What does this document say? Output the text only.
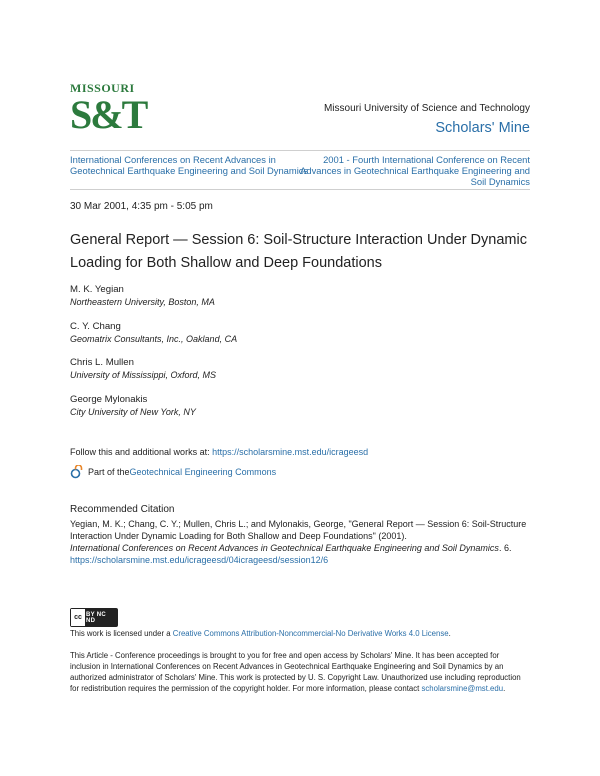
MISSOURI
S&T	Missouri University of Science and Technology
Scholars' Mine
International Conferences on Recent Advances in Geotechnical Earthquake Engineering and Soil Dynamics
2001 - Fourth International Conference on Recent Advances in Geotechnical Earthquake Engineering and Soil Dynamics
30 Mar 2001, 4:35 pm - 5:05 pm
General Report — Session 6: Soil-Structure Interaction Under Dynamic Loading for Both Shallow and Deep Foundations
M. K. Yegian
Northeastern University, Boston, MA
C. Y. Chang
Geomatrix Consultants, Inc., Oakland, CA
Chris L. Mullen
University of Mississippi, Oxford, MS
George Mylonakis
City University of New York, NY
Follow this and additional works at: https://scholarsmine.mst.edu/icrageesd
Part of the Geotechnical Engineering Commons
Recommended Citation
Yegian, M. K.; Chang, C. Y.; Mullen, Chris L.; and Mylonakis, George, "General Report — Session 6: Soil-Structure Interaction Under Dynamic Loading for Both Shallow and Deep Foundations" (2001).
International Conferences on Recent Advances in Geotechnical Earthquake Engineering and Soil Dynamics. 6.
https://scholarsmine.mst.edu/icrageesd/04icrageesd/session12/6
cc BY NC ND
This work is licensed under a Creative Commons Attribution-Noncommercial-No Derivative Works 4.0 License.
This Article - Conference proceedings is brought to you for free and open access by Scholars' Mine. It has been accepted for inclusion in International Conferences on Recent Advances in Geotechnical Earthquake Engineering and Soil Dynamics by an authorized administrator of Scholars' Mine. This work is protected by U. S. Copyright Law. Unauthorized use including reproduction for redistribution requires the permission of the copyright holder. For more information, please contact scholarsmine@mst.edu.
